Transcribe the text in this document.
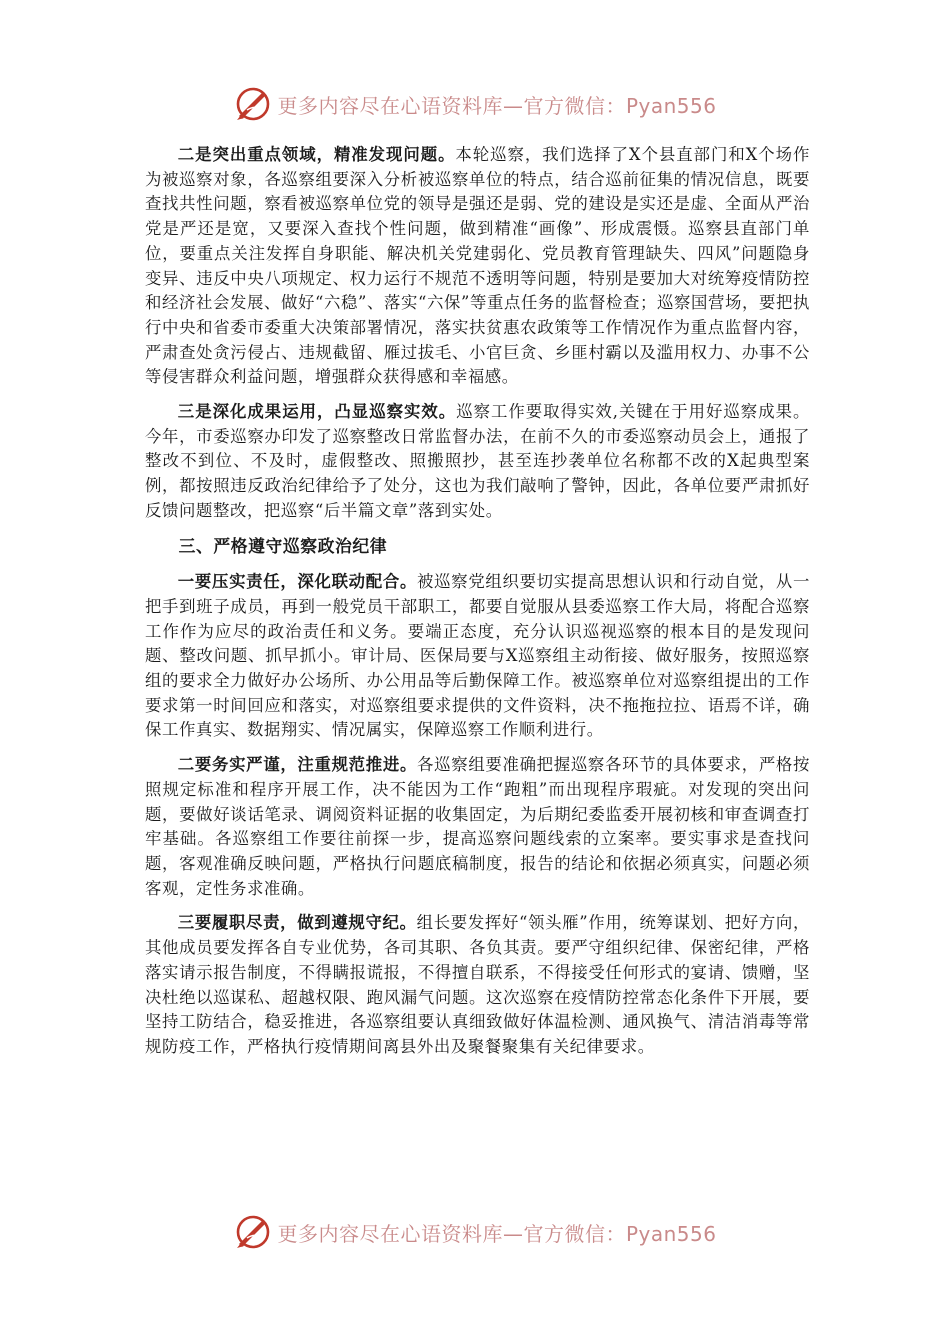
更多内容尽在心语资料库—官方微信：Pyan556

二是突出重点领域，精准发现问题。本轮巡察，我们选择了X个县直部门和X个场作为被巡察对象，各巡察组要深入分析被巡察单位的特点，结合巡前征集的情况信息，既要查找共性问题，察看被巡察单位党的领导是强还是弱、党的建设是实还是虚、全面从严治党是严还是宽，又要深入查找个性问题，做到精准“画像”、形成震慑。巡察县直部门单位，要重点关注发挥自身职能、解决机关党建弱化、党员教育管理缺失、四风”问题隐身变异、违反中央八项规定、权力运行不规范不透明等问题，特别是要加大对统筹疫情防控和经济社会发展、做好“六稳”、落实“六保”等重点任务的监督检查；巡察国营场，要把执行中央和省委市委重大决策部署情况，落实扶贫惠农政策等工作情况作为重点监督内容，严肃查处贪污侵占、违规截留、雁过拔毛、小官巨贪、乡匪村霸以及滥用权力、办事不公等侵害群众利益问题，增强群众获得感和幸福感。

三是深化成果运用，凸显巡察实效。巡察工作要取得实效,关键在于用好巡察成果。今年，市委巡察办印发了巡察整改日常监督办法，在前不久的市委巡察动员会上，通报了整改不到位、不及时，虚假整改、照搬照抄，甚至连抄袭单位名称都不改的X起典型案例，都按照违反政治纪律给予了处分，这也为我们敲响了警钟，因此，各单位要严肃抓好反馈问题整改，把巡察“后半篇文章”落到实处。

三、严格遵守巡察政治纪律

一要压实责任，深化联动配合。被巡察党组织要切实提高思想认识和行动自觉，从一把手到班子成员，再到一般党员干部职工，都要自觉服从县委巡察工作大局，将配合巡察工作作为应尽的政治责任和义务。要端正态度，充分认识巡视巡察的根本目的是发现问题、整改问题、抓早抓小。审计局、医保局要与X巡察组主动衔接、做好服务，按照巡察组的要求全力做好办公场所、办公用品等后勤保障工作。被巡察单位对巡察组提出的工作要求第一时间回应和落实，对巡察组要求提供的文件资料，决不拖拖拉拉、语焉不详，确保工作真实、数据翔实、情况属实，保障巡察工作顺利进行。

二要务实严谨，注重规范推进。各巡察组要准确把握巡察各环节的具体要求，严格按照规定标准和程序开展工作，决不能因为工作“跑粗”而出现程序瑕疵。对发现的突出问题，要做好谈话笔录、调阅资料证据的收集固定，为后期纪委监委开展初核和审查调查打牢基础。各巡察组工作要往前探一步，提高巡察问题线索的立案率。要实事求是查找问题，客观准确反映问题，严格执行问题底稿制度，报告的结论和依据必须真实，问题必须客观，定性务求准确。

三要履职尽责，做到遵规守纪。组长要发挥好“领头雁”作用，统筹谋划、把好方向，其他成员要发挥各自专业优势，各司其职、各负其责。要严守组织纪律、保密纪律，严格落实请示报告制度，不得瞒报谎报，不得擅自联系，不得接受任何形式的宴请、馈赠，坚决杜绝以巡谋私、超越权限、跑风漏气问题。这次巡察在疫情防控常态化条件下开展，要坚持工防结合，稳妥推进，各巡察组要认真细致做好体温检测、通风换气、清洁消毒等常规防疫工作，严格执行疫情期间离县外出及聚餐聚集有关纪律要求。

更多内容尽在心语资料库—官方微信：Pyan556
